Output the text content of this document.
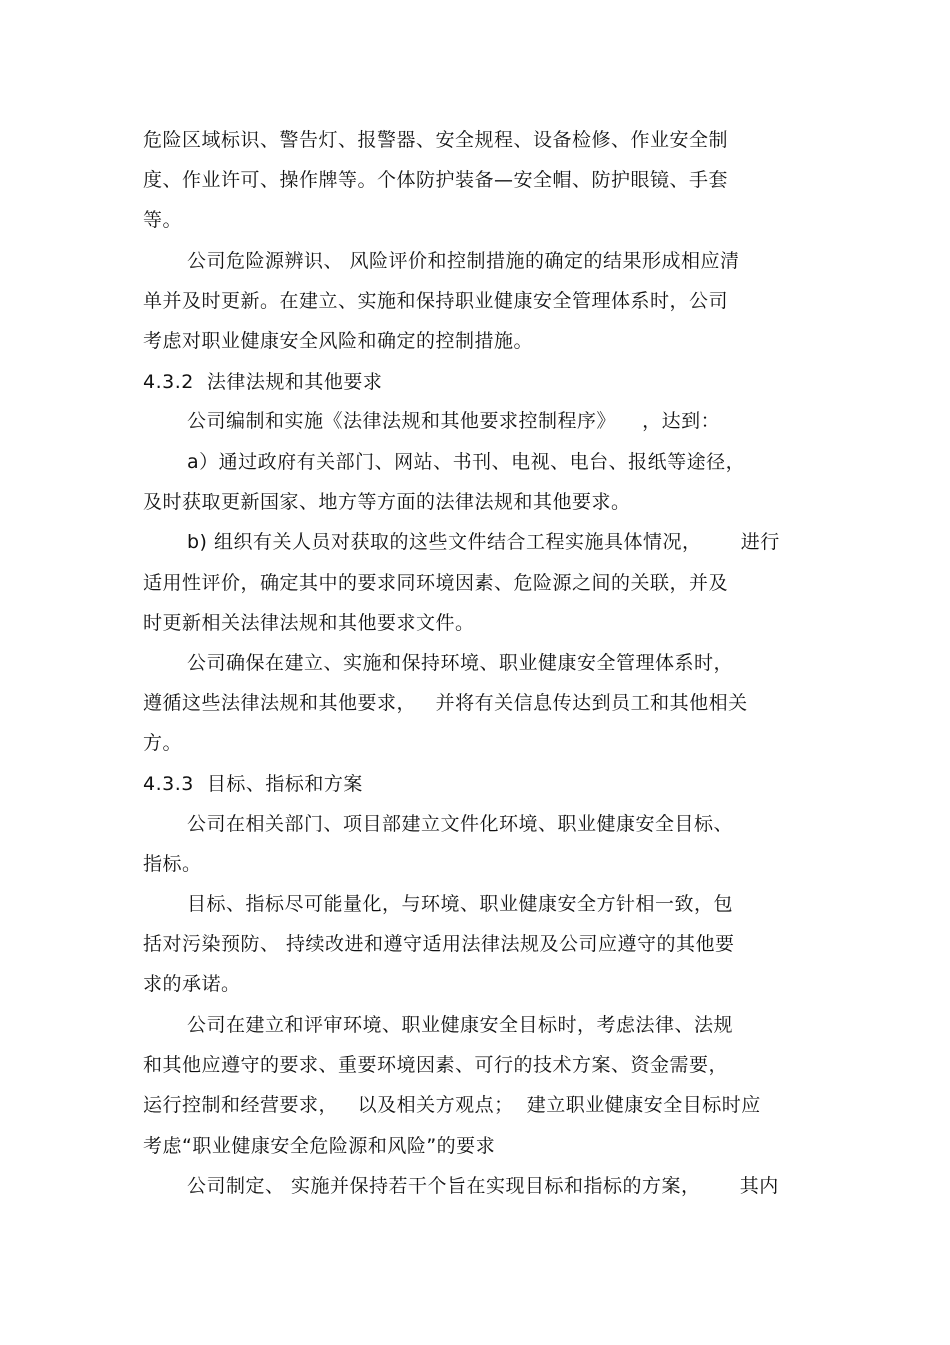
危险区域标识、警告灯、报警器、安全规程、设备检修、作业安全制
度、作业许可、操作牌等。个体防护装备—安全帽、防护眼镜、手套
等。
公司危险源辨识、 风险评价和控制措施的确定的结果形成相应清
单并及时更新。在建立、实施和保持职业健康安全管理体系时，公司
考虑对职业健康安全风险和确定的控制措施。
4.3.2  法律法规和其他要求
公司编制和实施《法律法规和其他要求控制程序》    ，达到：
a）通过政府有关部门、网站、书刊、电视、电台、报纸等途径，
及时获取更新国家、地方等方面的法律法规和其他要求。
b) 组织有关人员对获取的这些文件结合工程实施具体情况，      进行
适用性评价，确定其中的要求同环境因素、危险源之间的关联，并及
时更新相关法律法规和其他要求文件。
公司确保在建立、实施和保持环境、职业健康安全管理体系时，
遵循这些法律法规和其他要求，   并将有关信息传达到员工和其他相关
方。
4.3.3  目标、指标和方案
公司在相关部门、项目部建立文件化环境、职业健康安全目标、
指标。
目标、指标尽可能量化，与环境、职业健康安全方针相一致，包
括对污染预防、 持续改进和遵守适用法律法规及公司应遵守的其他要
求的承诺。
公司在建立和评审环境、职业健康安全目标时，考虑法律、法规
和其他应遵守的要求、重要环境因素、可行的技术方案、资金需要，
运行控制和经营要求，   以及相关方观点；  建立职业健康安全目标时应
考虑“职业健康安全危险源和风险”的要求
公司制定、 实施并保持若干个旨在实现目标和指标的方案，      其内
